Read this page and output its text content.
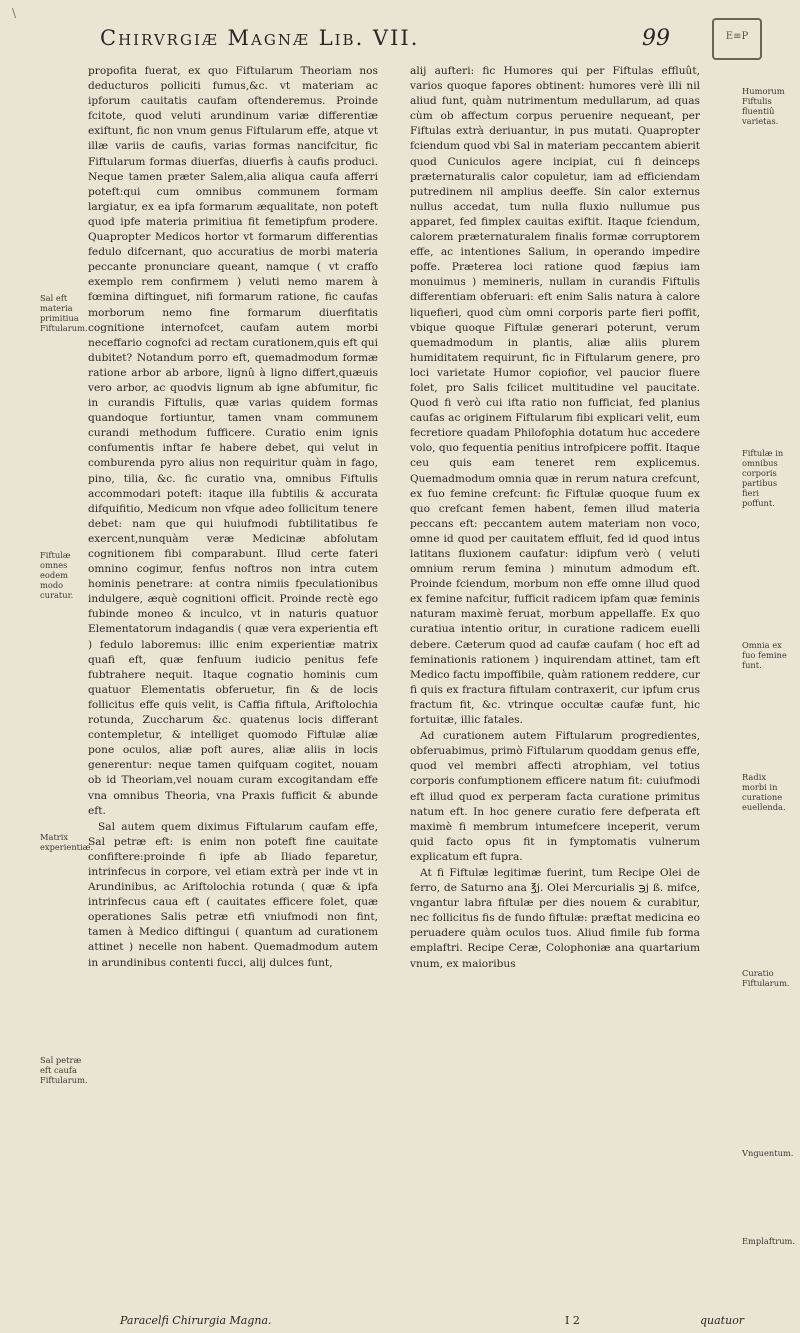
\
Chirvrgiæ Magnæ Lib. VII.	99	E≡P

propofita fuerat, ex quo Fiftularum Theoriam nos deducturos polliciti fumus,&c. vt materiam ac ipforum cauitatis caufam oftenderemus. Proinde fcitote, quod veluti arundinum variæ differentiæ exiftunt, fic non vnum genus Fiftularum effe, atque vt illæ variis de caufis, varias formas nancifcitur, fic Fiftularum formas diuerfas, diuerfis à caufis produci. Neque tamen præter Salem,alia aliqua caufa afferri poteft:qui cum omnibus communem formam largiatur, ex ea ipfa formarum æqualitate, non poteft quod ipfe materia primitiua fit femetipfum prodere. Quapropter Medicos hortor vt formarum differentias fedulo difcernant, quo accuratius de morbi materia peccante pronunciare queant, namque ( vt craffo exemplo rem confirmem ) veluti nemo marem à fœmina diftinguet, nifi formarum ratione, fic caufas morborum nemo fine formarum diuerfitatis cognitione internofcet, caufam autem morbi neceffario cognofci ad rectam curationem,quis eft qui dubitet? Notandum porro eft, quemadmodum formæ ratione arbor ab arbore, lignû à ligno differt,quæuis vero arbor, ac quodvis lignum ab igne abfumitur, fic in curandis Fiftulis, quæ varias quidem formas quandoque fortiuntur, tamen vnam communem curandi methodum fufficere. Curatio enim ignis confumentis inftar fe habere debet, qui velut in comburenda pyro alius non requiritur quàm in fago, pino, tilia, &c. fic curatio vna, omnibus Fiftulis accommodari poteft: itaque illa fubtilis & accurata difquifitio, Medicum non vfque adeo follicitum tenere debet: nam que qui huiufmodi fubtilitatibus fe exercent,nunquàm veræ Medicinæ abfolutam cognitionem fibi comparabunt. Illud certe fateri omnino cogimur, fenfus noftros non intra cutem hominis penetrare: at contra nimiis fpeculationibus indulgere, æquè cognitioni officit. Proinde rectè ego fubinde moneo & inculco, vt in naturis quatuor Elementatorum indagandis ( quæ vera experientia eft ) fedulo laboremus: illic enim experientiæ matrix quafi eft, quæ fenfuum iudicio penitus fefe fubtrahere nequit. Itaque cognatio hominis cum quatuor Elementatis obferuetur, fin & de locis follicitus effe quis velit, is Caffia fiftula, Ariftolochia rotunda, Zuccharum &c. quatenus locis differant contempletur, & intelliget quomodo Fiftulæ aliæ pone oculos, aliæ poft aures, aliæ aliis in locis generentur: neque tamen quifquam cogitet, nouam ob id Theoriam,vel nouam curam excogitandam effe vna omnibus Theoria, vna Praxis fufficit & abunde eft.

Sal autem quem diximus Fiftularum caufam effe, Sal petræ eft: is enim non poteft fine cauitate confiftere:proinde fi ipfe ab Iliado feparetur, intrinfecus in corpore, vel etiam extrà per inde vt in Arundinibus, ac Ariftolochia rotunda ( quæ & ipfa intrinfecus caua eft ( cauitates efficere folet, quæ operationes Salis petræ etfi vniufmodi non fint, tamen à Medico diftingui ( quantum ad curationem attinet ) necelle non habent. Quemadmodum autem in arundinibus contenti fucci, alij dulces funt,

alij aufteri: fic Humores qui per Fiftulas effluût, varios quoque fapores obtinent: humores verè illi nil aliud funt, quàm nutrimentum medullarum, ad quas cùm ob affectum corpus peruenire nequeant, per Fiftulas extrà deriuantur, in pus mutati. Quapropter fciendum quod vbi Sal in materiam peccantem abierit quod Cuniculos agere incipiat, cui fi deinceps præternaturalis calor copuletur, iam ad efficiendam putredinem nil amplius deeffe. Sin calor externus nullus accedat, tum nulla fluxio nullumue pus apparet, fed fimplex cauitas exiftit. Itaque fciendum, calorem præternaturalem finalis formæ corruptorem effe, ac intentiones Salium, in operando impedire poffe. Præterea loci ratione quod fæpius iam monuimus ) memineris, nullam in curandis Fiftulis differentiam obferuari: eft enim Salis natura à calore liquefieri, quod cùm omni corporis parte fieri poffit, vbique quoque Fiftulæ generari poterunt, verum quemadmodum in plantis, aliæ aliis plurem humiditatem requirunt, fic in Fiftularum genere, pro loci varietate Humor copiofior, vel paucior fluere folet, pro Salis fcilicet multitudine vel paucitate. Quod fi verò cui ifta ratio non fufficiat, fed planius caufas ac originem Fiftularum fibi explicari velit, eum fecretiore quadam Philofophia dotatum huc accedere volo, quo fequentia penitius introfpicere poffit. Itaque ceu quis eam teneret rem explicemus. Quemadmodum omnia quæ in rerum natura crefcunt, ex fuo femine crefcunt: fic Fiftulæ quoque fuum ex quo crefcant femen habent, femen illud materia peccans eft: peccantem autem materiam non voco, omne id quod per cauitatem effluit, fed id quod intus latitans fluxionem caufatur: idipfum verò ( veluti omnium rerum femina ) minutum admodum eft. Proinde fciendum, morbum non effe omne illud quod ex femine nafcitur, fufficit radicem ipfam quæ feminis naturam maximè feruat, morbum appellaffe. Ex quo curatiua intentio oritur, in curatione radicem euelli debere. Cæterum quod ad caufæ caufam ( hoc eft ad feminationis rationem ) inquirendam attinet, tam eft Medico factu impoffibile, quàm rationem reddere, cur fi quis ex fractura fiftulam contraxerit, cur ipfum crus fractum fit, &c. vtrinque occultæ caufæ funt, hic fortuitæ, illic fatales.

Ad curationem autem Fiftularum progredientes, obferuabimus, primò Fiftularum quoddam genus effe, quod vel membri affecti atrophiam, vel totius corporis confumptionem efficere natum fit: cuiufmodi eft illud quod ex perperam facta curatione primitus natum eft. In hoc genere curatio fere defperata eft maximè fi membrum intumefcere inceperit, verum quid facto opus fit in fymptomatis vulnerum explicatum eft fupra.

At fi Fiftulæ legitimæ fuerint, tum Recipe Olei de ferro, de Saturno ana ℥j. Olei Mercurialis ℈j ß. mifce, vngantur labra fiftulæ per dies nouem & curabitur, nec follicitus fis de fundo fiftulæ: præftat medicina eo peruadere quàm oculos tuos. Aliud fimile fub forma emplaftri. Recipe Ceræ, Colophoniæ ana quartarium vnum, ex maioribus

Sal eft materia primitiua Fiftularum.
Fiftulæ omnes eodem modo curatur.
Matrix experientiæ.
Sal petræ eft caufa Fiftularum.
Humorum Fiftulis fluentiû varietas.
Fiftulæ in omnibus corporis partibus fieri poffunt.
Omnia ex fuo femine funt.
Radix morbi in curatione euellenda.
Curatio Fiftularum.
Vnguentum.
Emplaftrum.
Paracelfi Chirurgia Magna.	I 2	quatuor
